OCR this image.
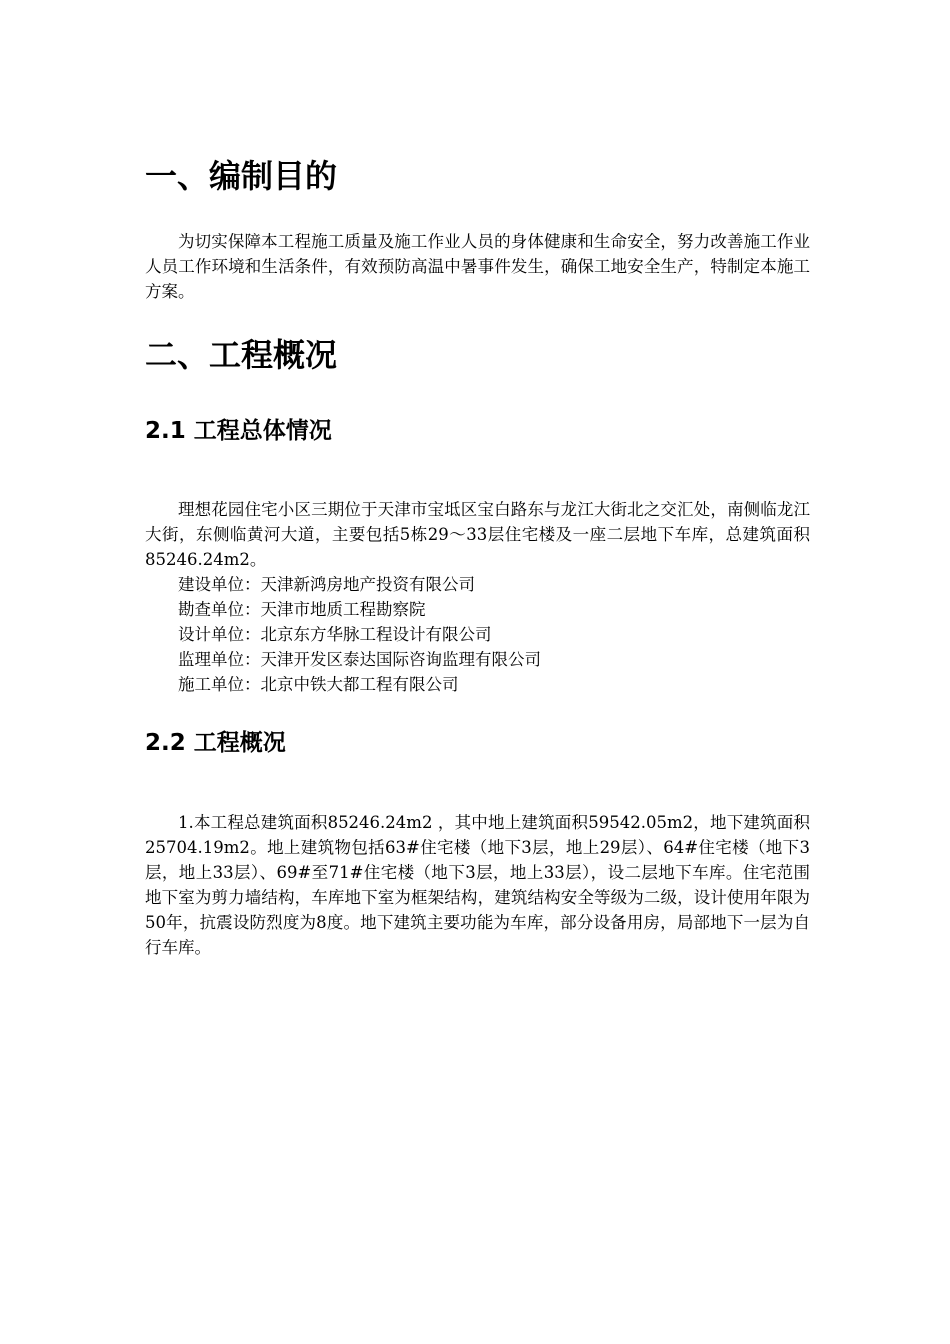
一、编制目的
为切实保障本工程施工质量及施工作业人员的身体健康和生命安全，努力改善施工作业人员工作环境和生活条件，有效预防高温中暑事件发生，确保工地安全生产，特制定本施工方案。
二、工程概况
2.1 工程总体情况
理想花园住宅小区三期位于天津市宝坻区宝白路东与龙江大街北之交汇处，南侧临龙江大街，东侧临黄河大道，主要包括5栋29～33层住宅楼及一座二层地下车库，总建筑面积85246.24m2。
建设单位：天津新鸿房地产投资有限公司
勘查单位：天津市地质工程勘察院
设计单位：北京东方华脉工程设计有限公司
监理单位：天津开发区泰达国际咨询监理有限公司
施工单位：北京中铁大都工程有限公司
2.2 工程概况
1.本工程总建筑面积85246.24m2 ，其中地上建筑面积59542.05m2，地下建筑面积25704.19m2。地上建筑物包括63#住宅楼（地下3层，地上29层）、64#住宅楼（地下3层，地上33层）、69#至71#住宅楼（地下3层，地上33层），设二层地下车库。住宅范围地下室为剪力墙结构，车库地下室为框架结构，建筑结构安全等级为二级，设计使用年限为50年，抗震设防烈度为8度。地下建筑主要功能为车库，部分设备用房，局部地下一层为自行车库。
